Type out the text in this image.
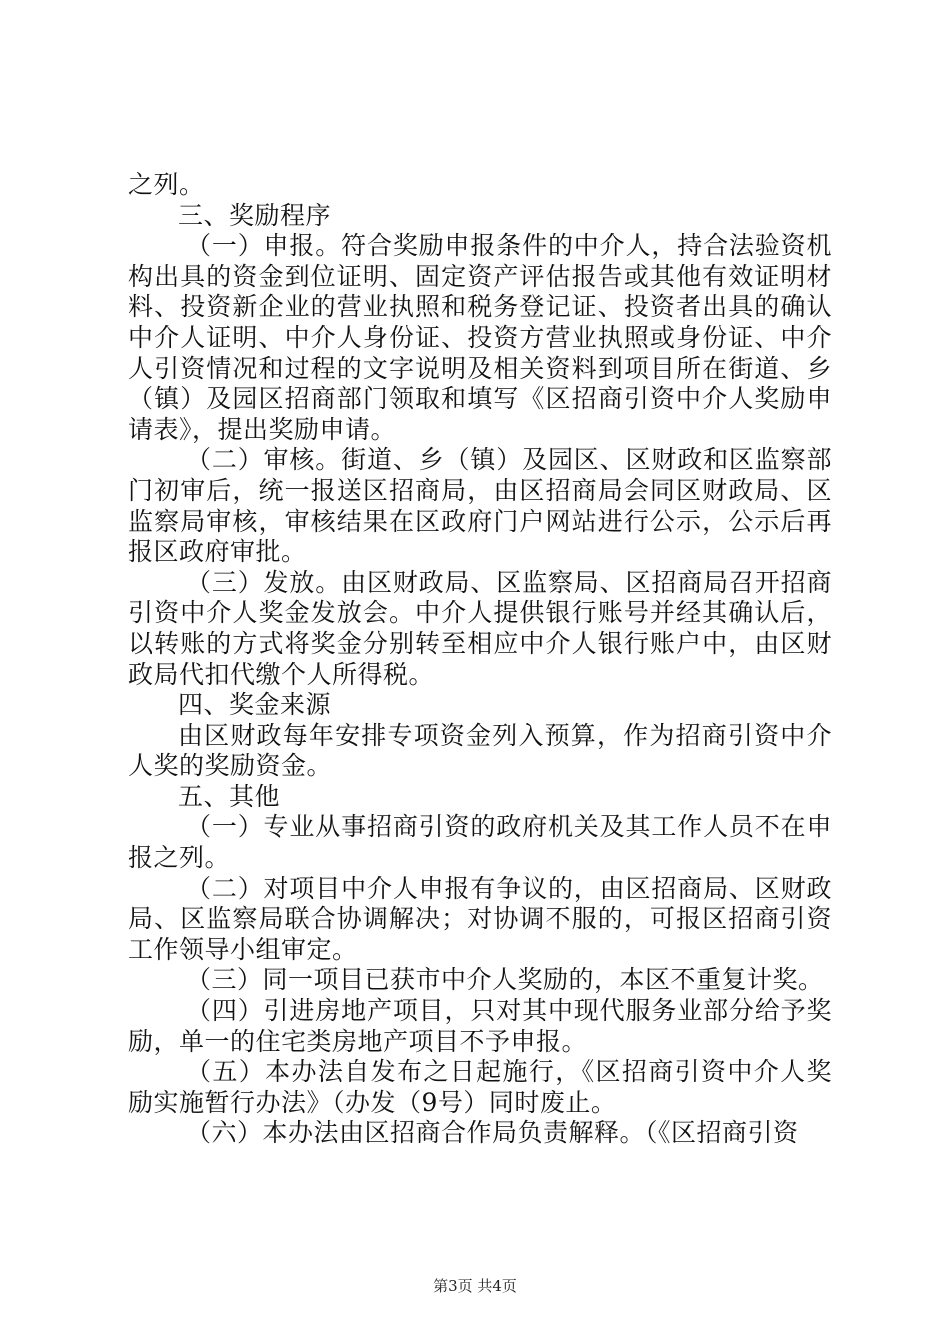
之列。

三、奖励程序

（一）申报。符合奖励申报条件的中介人，持合法验资机构出具的资金到位证明、固定资产评估报告或其他有效证明材料、投资新企业的营业执照和税务登记证、投资者出具的确认中介人证明、中介人身份证、投资方营业执照或身份证、中介人引资情况和过程的文字说明及相关资料到项目所在街道、乡（镇）及园区招商部门领取和填写《区招商引资中介人奖励申请表》，提出奖励申请。

（二）审核。街道、乡（镇）及园区、区财政和区监察部门初审后，统一报送区招商局，由区招商局会同区财政局、区监察局审核，审核结果在区政府门户网站进行公示，公示后再报区政府审批。

（三）发放。由区财政局、区监察局、区招商局召开招商引资中介人奖金发放会。中介人提供银行账号并经其确认后，以转账的方式将奖金分别转至相应中介人银行账户中，由区财政局代扣代缴个人所得税。

四、奖金来源

由区财政每年安排专项资金列入预算，作为招商引资中介人奖的奖励资金。

五、其他

（一）专业从事招商引资的政府机关及其工作人员不在申报之列。

（二）对项目中介人申报有争议的，由区招商局、区财政局、区监察局联合协调解决；对协调不服的，可报区招商引资工作领导小组审定。

（三）同一项目已获市中介人奖励的，本区不重复计奖。

（四）引进房地产项目，只对其中现代服务业部分给予奖励，单一的住宅类房地产项目不予申报。

（五）本办法自发布之日起施行，《区招商引资中介人奖励实施暂行办法》（办发（9号）同时废止。

（六）本办法由区招商合作局负责解释。（《区招商引资

第3页 共4页
